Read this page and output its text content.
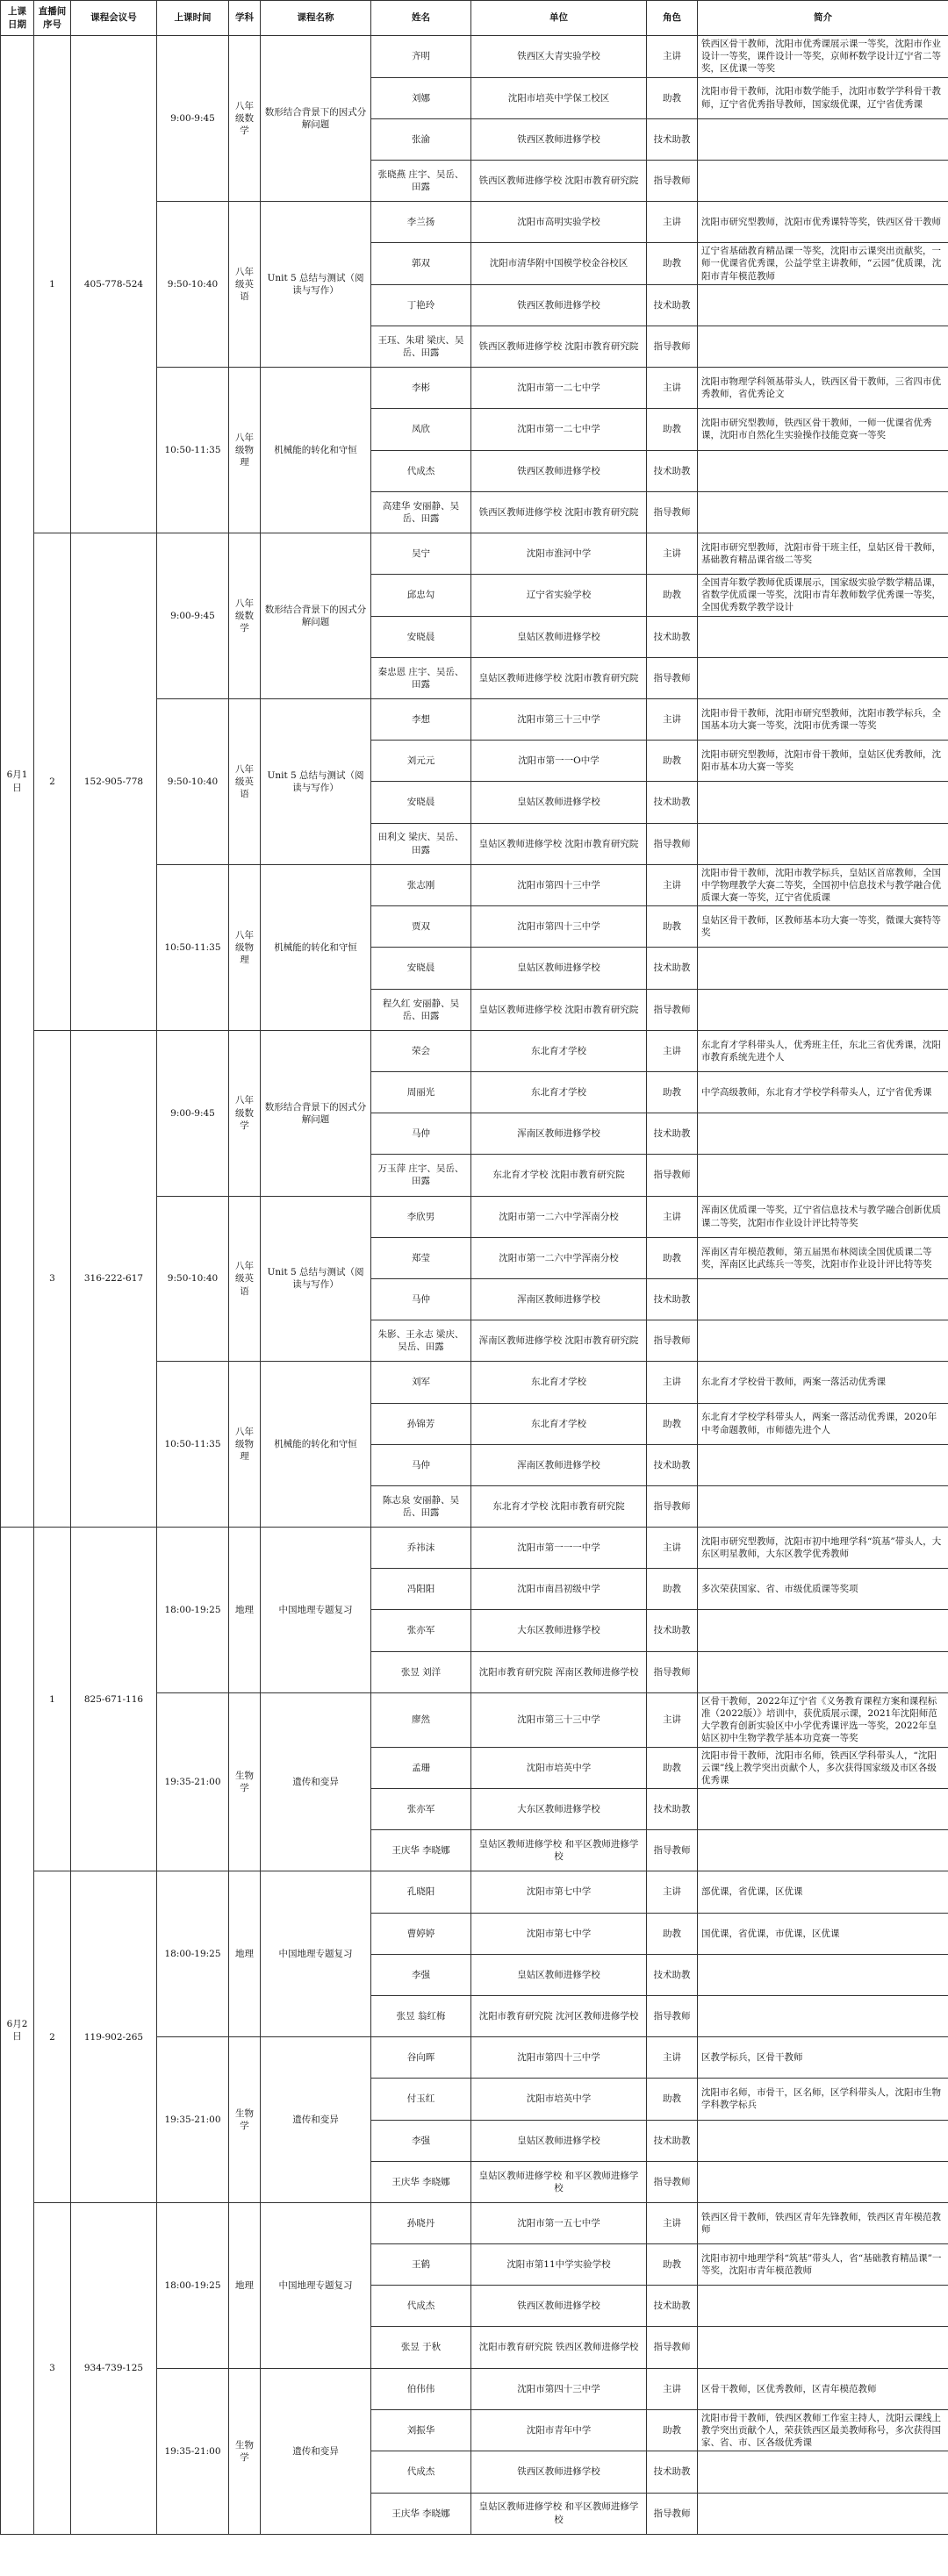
上课日期	直播间序号	课程会议号	上课时间	学科	课程名称	姓名	单位	角色	简介
6月1日	1	405-778-524	9:00-9:45	八年级数学	数形结合背景下的因式分解问题	齐明	铁西区大青实验学校	主讲	铁西区骨干教师，沈阳市优秀课展示课一等奖，沈阳市作业设计一等奖，课件设计一等奖，京师杯数学设计辽宁省二等奖，区优课一等奖
						刘娜	沈阳市培英中学保工校区	助教	沈阳市骨干教师，沈阳市数学能手，沈阳市数学学科骨干教师，辽宁省优秀指导教师，国家级优课，辽宁省优秀课
						张渝	铁西区教师进修学校	技术助教	
						张晓燕 庄宇、吴岳、田露	铁西区教师进修学校 沈阳市教育研究院	指导教师	
			9:50-10:40	八年级英语	Unit 5 总结与测试（阅读与写作）	李兰扬	沈阳市高明实验学校	主讲	沈阳市研究型教师，沈阳市优秀课特等奖，铁西区骨干教师
						郭双	沈阳市清华附中国模学校金谷校区	助教	辽宁省基础教育精品课一等奖，沈阳市云课突出贡献奖，一师一优课省优秀课，公益学堂主讲教师，“云园”优质课，沈阳市青年模范教师
						丁艳玲	铁西区教师进修学校	技术助教	
						王珏、朱珺 梁庆、吴岳、田露	铁西区教师进修学校 沈阳市教育研究院	指导教师	
			10:50-11:35	八年级物理	机械能的转化和守恒	李彬	沈阳市第一二七中学	主讲	沈阳市物理学科领基带头人，铁西区骨干教师，三省四市优秀教师，省优秀论文
						凤欣	沈阳市第一二七中学	助教	沈阳市研究型教师，铁西区骨干教师，一师一优课省优秀课，沈阳市自然化生实验操作技能竞赛一等奖
						代成杰	铁西区教师进修学校	技术助教	
						高建华 安丽静、吴岳、田露	铁西区教师进修学校 沈阳市教育研究院	指导教师	
	2	152-905-778	9:00-9:45	八年级数学	数形结合背景下的因式分解问题	吴宁	沈阳市淮河中学	主讲	沈阳市研究型教师，沈阳市骨干班主任，皇姑区骨干教师，基础教育精品课省级二等奖
						邱忠勾	辽宁省实验学校	助教	全国青年数学教师优质课展示，国家级实验学数学精品课，省数学优质课一等奖，沈阳市青年教师数学优秀课一等奖，全国优秀数学教学设计
						安晓晨	皇姑区教师进修学校	技术助教	
						秦忠恩 庄宇、吴岳、田露	皇姑区教师进修学校 沈阳市教育研究院	指导教师	
			9:50-10:40	八年级英语	Unit 5 总结与测试（阅读与写作）	李想	沈阳市第三十三中学	主讲	沈阳市骨干教师，沈阳市研究型教师，沈阳市教学标兵，全国基本功大赛一等奖，沈阳市优秀课一等奖
						刘元元	沈阳市第一一O中学	助教	沈阳市研究型教师，沈阳市骨干教师，皇姑区优秀教师，沈阳市基本功大赛一等奖
						安晓晨	皇姑区教师进修学校	技术助教	
						田利文 梁庆、吴岳、田露	皇姑区教师进修学校 沈阳市教育研究院	指导教师	
			10:50-11:35	八年级物理	机械能的转化和守恒	张志刚	沈阳市第四十三中学	主讲	沈阳市骨干教师，沈阳市教学标兵，皇姑区首席教师，全国中学物理教学大赛二等奖，全国初中信息技术与教学融合优质课大赛一等奖，辽宁省优质课
						贾双	沈阳市第四十三中学	助教	皇姑区骨干教师，区教师基本功大赛一等奖，微课大赛特等奖
						安晓晨	皇姑区教师进修学校	技术助教	
						程久红 安丽静、吴岳、田露	皇姑区教师进修学校 沈阳市教育研究院	指导教师	
	3	316-222-617	9:00-9:45	八年级数学	数形结合背景下的因式分解问题	荣会	东北育才学校	主讲	东北育才学科带头人，优秀班主任，东北三省优秀课，沈阳市教育系统先进个人
						周丽光	东北育才学校	助教	中学高级教师，东北育才学校学科带头人，辽宁省优秀课
						马仲	浑南区教师进修学校	技术助教	
						万玉萍 庄宇、吴岳、田露	东北育才学校 沈阳市教育研究院	指导教师	
			9:50-10:40	八年级英语	Unit 5 总结与测试（阅读与写作）	李欣男	沈阳市第一二六中学浑南分校	主讲	浑南区优质课一等奖，辽宁省信息技术与教学融合创新优质课二等奖，沈阳市作业设计评比特等奖
						郑莹	沈阳市第一二六中学浑南分校	助教	浑南区青年模范教师，第五届黑布林阅读全国优质课二等奖，浑南区比武练兵一等奖，沈阳市作业设计评比特等奖
						马仲	浑南区教师进修学校	技术助教	
						朱影、王永志 梁庆、吴岳、田露	浑南区教师进修学校 沈阳市教育研究院	指导教师	
			10:50-11:35	八年级物理	机械能的转化和守恒	刘军	东北育才学校	主讲	东北育才学校骨干教师，两案一落活动优秀课
						孙锦芳	东北育才学校	助教	东北育才学校学科带头人，两案一落活动优秀课，2020年中考命题教师，市师德先进个人
						马仲	浑南区教师进修学校	技术助教	
						陈志泉 安丽静、吴岳、田露	东北育才学校 沈阳市教育研究院	指导教师	
6月2日	1	825-671-116	18:00-19:25	地理	中国地理专题复习	乔祎沫	沈阳市第一一一中学	主讲	沈阳市研究型教师，沈阳市初中地理学科“筑基”带头人，大东区明星教师，大东区教学优秀教师
						冯阳阳	沈阳市南昌初级中学	助教	多次荣获国家、省、市级优质课等奖项
						张亦军	大东区教师进修学校	技术助教	
						张昱 刘洋	沈阳市教育研究院 浑南区教师进修学校	指导教师	
			19:35-21:00	生物学	遗传和变异	廖然	沈阳市第三十三中学	主讲	区骨干教师，2022年辽宁省《义务教育课程方案和课程标准（2022版）》培训中，获优质展示课，2021年沈阳师范大学教育创新实验区中小学优秀课评选一等奖，2022年皇姑区初中生物学教学基本功竞赛一等奖
						孟珊	沈阳市培英中学	助教	沈阳市骨干教师，沈阳市名师，铁西区学科带头人，“沈阳云课”线上教学突出贡献个人，多次获得国家级及市区各级优秀课
						张亦军	大东区教师进修学校	技术助教	
						王庆华 李晓娜	皇姑区教师进修学校 和平区教师进修学校	指导教师	
	2	119-902-265	18:00-19:25	地理	中国地理专题复习	孔晓阳	沈阳市第七中学	主讲	部优课，省优课，区优课
						曹婷婷	沈阳市第七中学	助教	国优课，省优课，市优课，区优课
						李强	皇姑区教师进修学校	技术助教	
						张昱 翁红梅	沈阳市教育研究院 沈河区教师进修学校	指导教师	
			19:35-21:00	生物学	遗传和变异	谷向晖	沈阳市第四十三中学	主讲	区教学标兵，区骨干教师
						付玉红	沈阳市培英中学	助教	沈阳市名师，市骨干，区名师，区学科带头人，沈阳市生物学科教学标兵
						李强	皇姑区教师进修学校	技术助教	
						王庆华 李晓娜	皇姑区教师进修学校 和平区教师进修学校	指导教师	
	3	934-739-125	18:00-19:25	地理	中国地理专题复习	孙晓丹	沈阳市第一五七中学	主讲	铁西区骨干教师，铁西区青年先锋教师，铁西区青年模范教师
						王鹤	沈阳市第11中学实验学校	助教	沈阳市初中地理学科“筑基”带头人，省“基础教育精品课”一等奖，沈阳市青年模范教师
						代成杰	铁西区教师进修学校	技术助教	
						张昱 于秋	沈阳市教育研究院 铁西区教师进修学校	指导教师	
			19:35-21:00	生物学	遗传和变异	伯伟伟	沈阳市第四十三中学	主讲	区骨干教师，区优秀教师，区青年模范教师
						刘振华	沈阳市青年中学	助教	沈阳市骨干教师，铁西区教师工作室主持人，沈阳云课线上教学突出贡献个人，荣获铁西区最美教师称号，多次获得国家、省、市、区各级优秀课
						代成杰	铁西区教师进修学校	技术助教	
						王庆华 李晓娜	皇姑区教师进修学校 和平区教师进修学校	指导教师	
